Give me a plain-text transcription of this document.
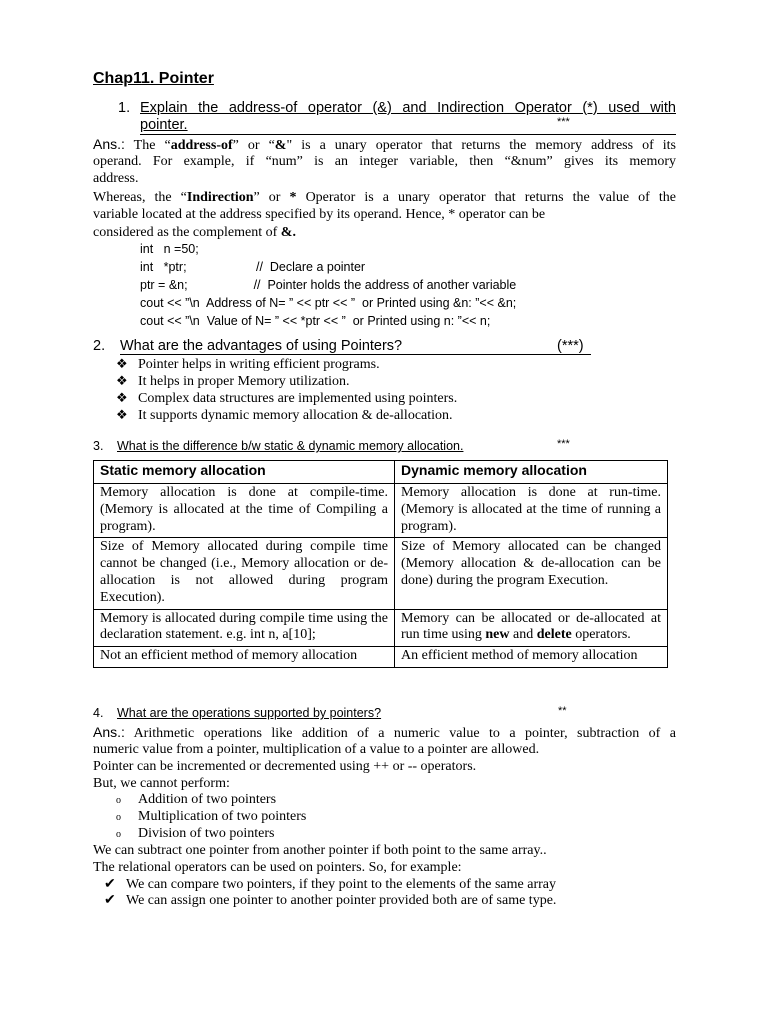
Chap11. Pointer
1. Explain the address-of operator (&) and Indirection Operator (*) used with
pointer.	***
Ans.: The “address-of” or “&" is a unary operator that returns the memory address of its
operand. For example, if “num” is an integer variable, then “&num” gives its memory
address.
Whereas, the “Indirection” or * Operator is a unary operator that returns the value of the
variable located at the address specified by its operand. Hence, * operator can be
considered as the complement of &.
int   n =50;
int   *ptr;                    //  Declare a pointer
ptr = &n;                   //  Pointer holds the address of another variable
cout << ”\n  Address of N= ” << ptr << ”  or Printed using &n: ”<< &n;
cout << ”\n  Value of N= ” << *ptr << ”  or Printed using n: ”<< n;
2. What are the advantages of using Pointers?	(***)
❖ Pointer helps in writing efficient programs.
❖ It helps in proper Memory utilization.
❖ Complex data structures are implemented using pointers.
❖ It supports dynamic memory allocation & de-allocation.
3. What is the difference b/w static & dynamic memory allocation.	***
Static memory allocation	Dynamic memory allocation
Memory allocation is done at compile-time. (Memory is allocated at the time of Compiling a program).	Memory allocation is done at run-time. (Memory is allocated at the time of running a program).
Size of Memory allocated during compile time cannot be changed (i.e., Memory allocation or de-allocation is not allowed during program Execution).	Size of Memory allocated can be changed (Memory allocation & de-allocation can be done) during the program Execution.
Memory is allocated during compile time using the declaration statement. e.g. int n, a[10];	Memory can be allocated or de-allocated at run time using new and delete operators.
Not an efficient method of memory allocation	An efficient method of memory allocation
4. What are the operations supported by pointers?	**
Ans.: Arithmetic operations like addition of a numeric value to a pointer, subtraction of a
numeric value from a pointer, multiplication of a value to a pointer are allowed.
Pointer can be incremented or decremented using ++ or -- operators.
But, we cannot perform:
o Addition of two pointers
o Multiplication of two pointers
o Division of two pointers
We can subtract one pointer from another pointer if both point to the same array..
The relational operators can be used on pointers. So, for example:
✔ We can compare two pointers, if they point to the elements of the same array
✔ We can assign one pointer to another pointer provided both are of same type.
